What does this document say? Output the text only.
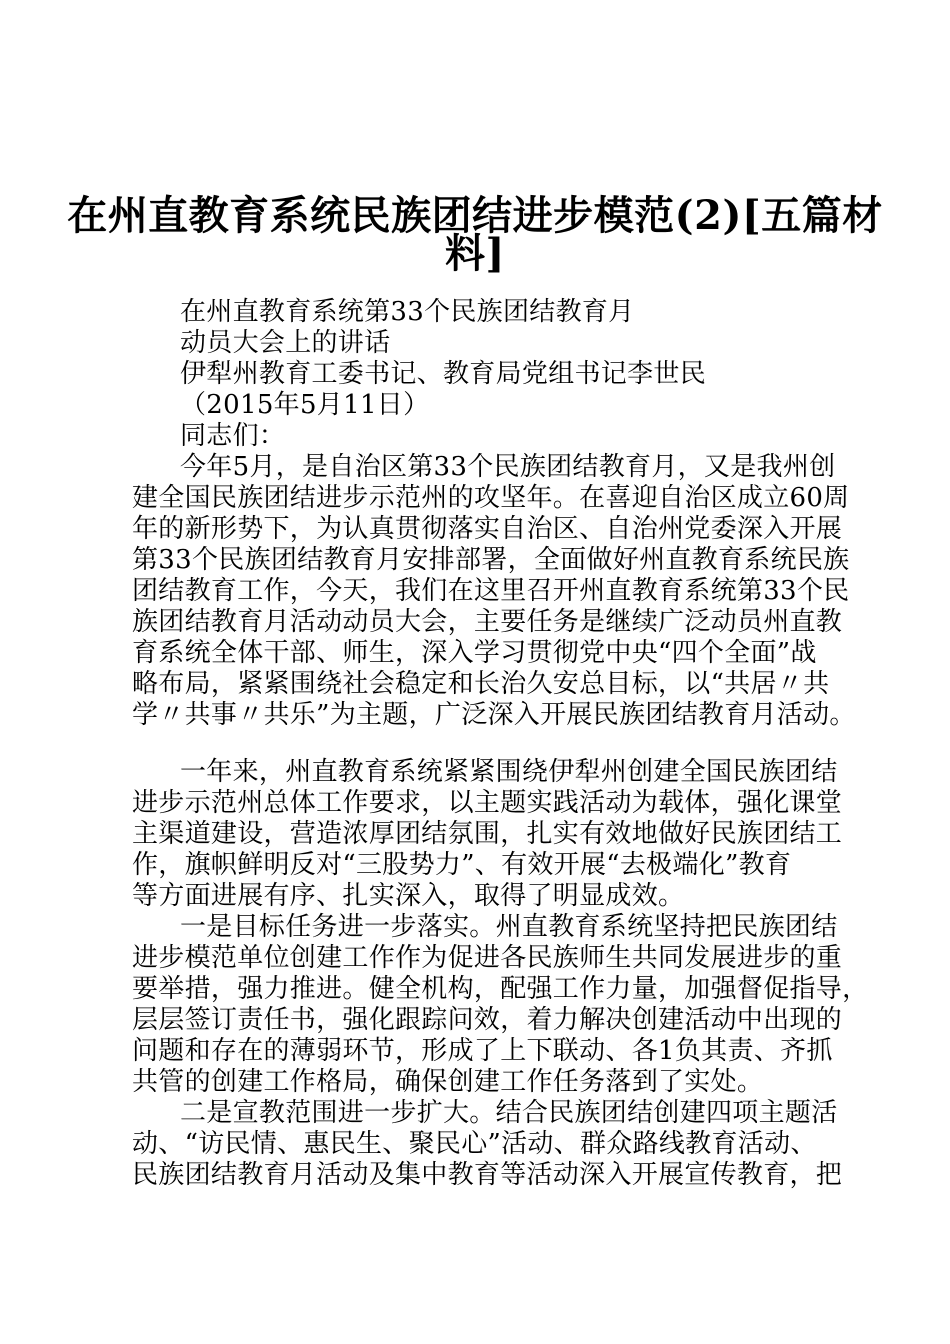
在州直教育系统民族团结进步模范(2)[五篇材
料]
在州直教育系统第33个民族团结教育月
动员大会上的讲话
伊犁州教育工委书记、教育局党组书记李世民
（2015年5月11日）
同志们：
今年5月，是自治区第33个民族团结教育月，又是我州创
建全国民族团结进步示范州的攻坚年。在喜迎自治区成立60周
年的新形势下，为认真贯彻落实自治区、自治州党委深入开展
第33个民族团结教育月安排部署，全面做好州直教育系统民族
团结教育工作，今天，我们在这里召开州直教育系统第33个民
族团结教育月活动动员大会，主要任务是继续广泛动员州直教
育系统全体干部、师生，深入学习贯彻党中央“四个全面”战
略布局，紧紧围绕社会稳定和长治久安总目标，以“共居〃共
学〃共事〃共乐”为主题，广泛深入开展民族团结教育月活动。
一年来，州直教育系统紧紧围绕伊犁州创建全国民族团结
进步示范州总体工作要求，以主题实践活动为载体，强化课堂
主渠道建设，营造浓厚团结氛围，扎实有效地做好民族团结工
作，旗帜鲜明反对“三股势力”、有效开展“去极端化”教育
等方面进展有序、扎实深入，取得了明显成效。
一是目标任务进一步落实。州直教育系统坚持把民族团结
进步模范单位创建工作作为促进各民族师生共同发展进步的重
要举措，强力推进。健全机构，配强工作力量，加强督促指导，
层层签订责任书，强化跟踪问效，着力解决创建活动中出现的
问题和存在的薄弱环节，形成了上下联动、各1负其责、齐抓
共管的创建工作格局，确保创建工作任务落到了实处。
二是宣教范围进一步扩大。结合民族团结创建四项主题活
动、“访民情、惠民生、聚民心”活动、群众路线教育活动、
民族团结教育月活动及集中教育等活动深入开展宣传教育，把
